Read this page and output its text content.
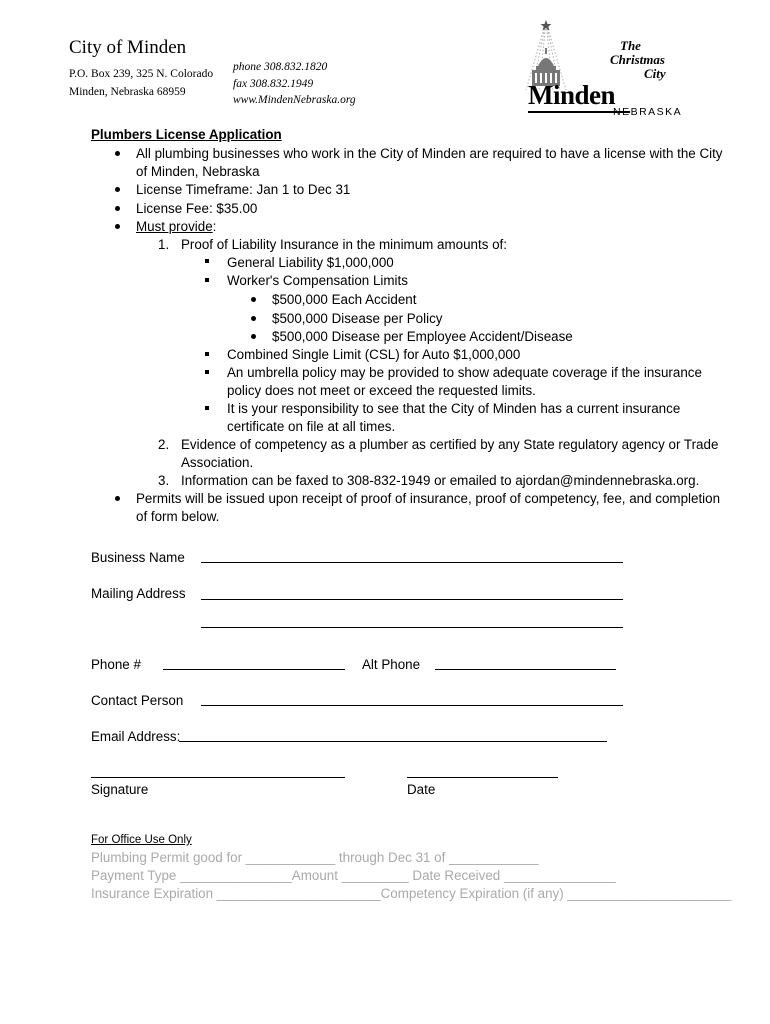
City of Minden
P.O. Box 239, 325 N. Colorado
Minden, Nebraska 68959
phone 308.832.1820
fax 308.832.1949
www.MindenNebraska.org
The
Christmas
City
Minden
NEBRASKA
Plumbers License Application
All plumbing businesses who work in the City of Minden are required to have a license with the City
of Minden, Nebraska
License Timeframe: Jan 1 to Dec 31
License Fee: $35.00
Must provide:
1. Proof of Liability Insurance in the minimum amounts of:
General Liability $1,000,000
Worker's Compensation Limits
$500,000 Each Accident
$500,000 Disease per Policy
$500,000 Disease per Employee Accident/Disease
Combined Single Limit (CSL) for Auto $1,000,000
An umbrella policy may be provided to show adequate coverage if the insurance
policy does not meet or exceed the requested limits.
It is your responsibility to see that the City of Minden has a current insurance
certificate on file at all times.
2. Evidence of competency as a plumber as certified by any State regulatory agency or Trade
Association.
3. Information can be faxed to 308-832-1949 or emailed to ajordan@mindennebraska.org.
Permits will be issued upon receipt of proof of insurance, proof of competency, fee, and completion
of form below.
Business Name
Mailing Address
Phone #	Alt Phone
Contact Person
Email Address:
Signature	Date
For Office Use Only
Plumbing Permit good for ____________ through Dec 31 of ____________
Payment Type _______________Amount _________ Date Received _______________
Insurance Expiration ______________________Competency Expiration (if any) ______________________
